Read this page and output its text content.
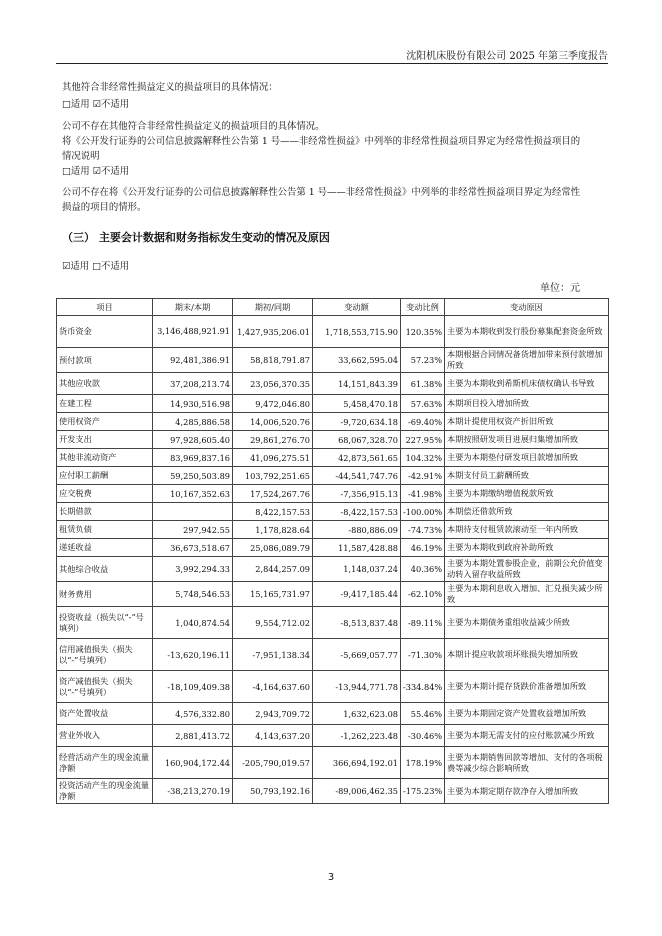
沈阳机床股份有限公司 2025 年第三季度报告
其他符合非经常性损益定义的损益项目的具体情况：
□适用 ☑不适用
公司不存在其他符合非经常性损益定义的损益项目的具体情况。
将《公开发行证券的公司信息披露解释性公告第 1 号——非经常性损益》中列举的非经常性损益项目界定为经常性损益项目的情况说明
□适用 ☑不适用
公司不存在将《公开发行证券的公司信息披露解释性公告第 1 号——非经常性损益》中列举的非经常性损益项目界定为经常性损益的项目的情形。
（三） 主要会计数据和财务指标发生变动的情况及原因
☑适用 □不适用
单位：元
项目	期末/本期	期初/同期	变动额	变动比例	变动原因
货币资金	3,146,488,921.91	1,427,935,206.01	1,718,553,715.90	120.35%	主要为本期收到发行股份募集配套资金所致
预付款项	92,481,386.91	58,818,791.87	33,662,595.04	57.23%	本期根据合同情况备货增加带来预付款增加所致
其他应收款	37,208,213.74	23,056,370.35	14,151,843.39	61.38%	主要为本期收到希斯机床债权确认书导致
在建工程	14,930,516.98	9,472,046.80	5,458,470.18	57.63%	本期项目投入增加所致
使用权资产	4,285,886.58	14,006,520.76	-9,720,634.18	-69.40%	本期计提使用权资产折旧所致
开发支出	97,928,605.40	29,861,276.70	68,067,328.70	227.95%	本期按照研发项目进展归集增加所致
其他非流动资产	83,969,837.16	41,096,275.51	42,873,561.65	104.32%	主要为本期垫付研发项目款增加所致
应付职工薪酬	59,250,503.89	103,792,251.65	-44,541,747.76	-42.91%	本期支付员工薪酬所致
应交税费	10,167,352.63	17,524,267.76	-7,356,915.13	-41.98%	主要为本期缴纳增值税款所致
长期借款		8,422,157.53	-8,422,157.53	-100.00%	本期偿还借款所致
租赁负债	297,942.55	1,178,828.64	-880,886.09	-74.73%	本期待支付租赁款滚动至一年内所致
递延收益	36,673,518.67	25,086,089.79	11,587,428.88	46.19%	主要为本期收到政府补助所致
其他综合收益	3,992,294.33	2,844,257.09	1,148,037.24	40.36%	主要为本期处置参股企业，前期公允价值变动转入留存收益所致
财务费用	5,748,546.53	15,165,731.97	-9,417,185.44	-62.10%	主要为本期利息收入增加、汇兑损失减少所致
投资收益（损失以“-”号填列）	1,040,874.54	9,554,712.02	-8,513,837.48	-89.11%	主要为本期债务重组收益减少所致
信用减值损失（损失以“-”号填列）	-13,620,196.11	-7,951,138.34	-5,669,057.77	-71.30%	本期计提应收款项坏账损失增加所致
资产减值损失（损失以“-”号填列）	-18,109,409.38	-4,164,637.60	-13,944,771.78	-334.84%	主要为本期计提存货跌价准备增加所致
资产处置收益	4,576,332.80	2,943,709.72	1,632,623.08	55.46%	主要为本期固定资产处置收益增加所致
营业外收入	2,881,413.72	4,143,637.20	-1,262,223.48	-30.46%	主要为本期无需支付的应付账款减少所致
经营活动产生的现金流量净额	160,904,172.44	-205,790,019.57	366,694,192.01	178.19%	主要为本期销售回款等增加、支付的各项税费等减少综合影响所致
投资活动产生的现金流量净额	-38,213,270.19	50,793,192.16	-89,006,462.35	-175.23%	主要为本期定期存款净存入增加所致
3
